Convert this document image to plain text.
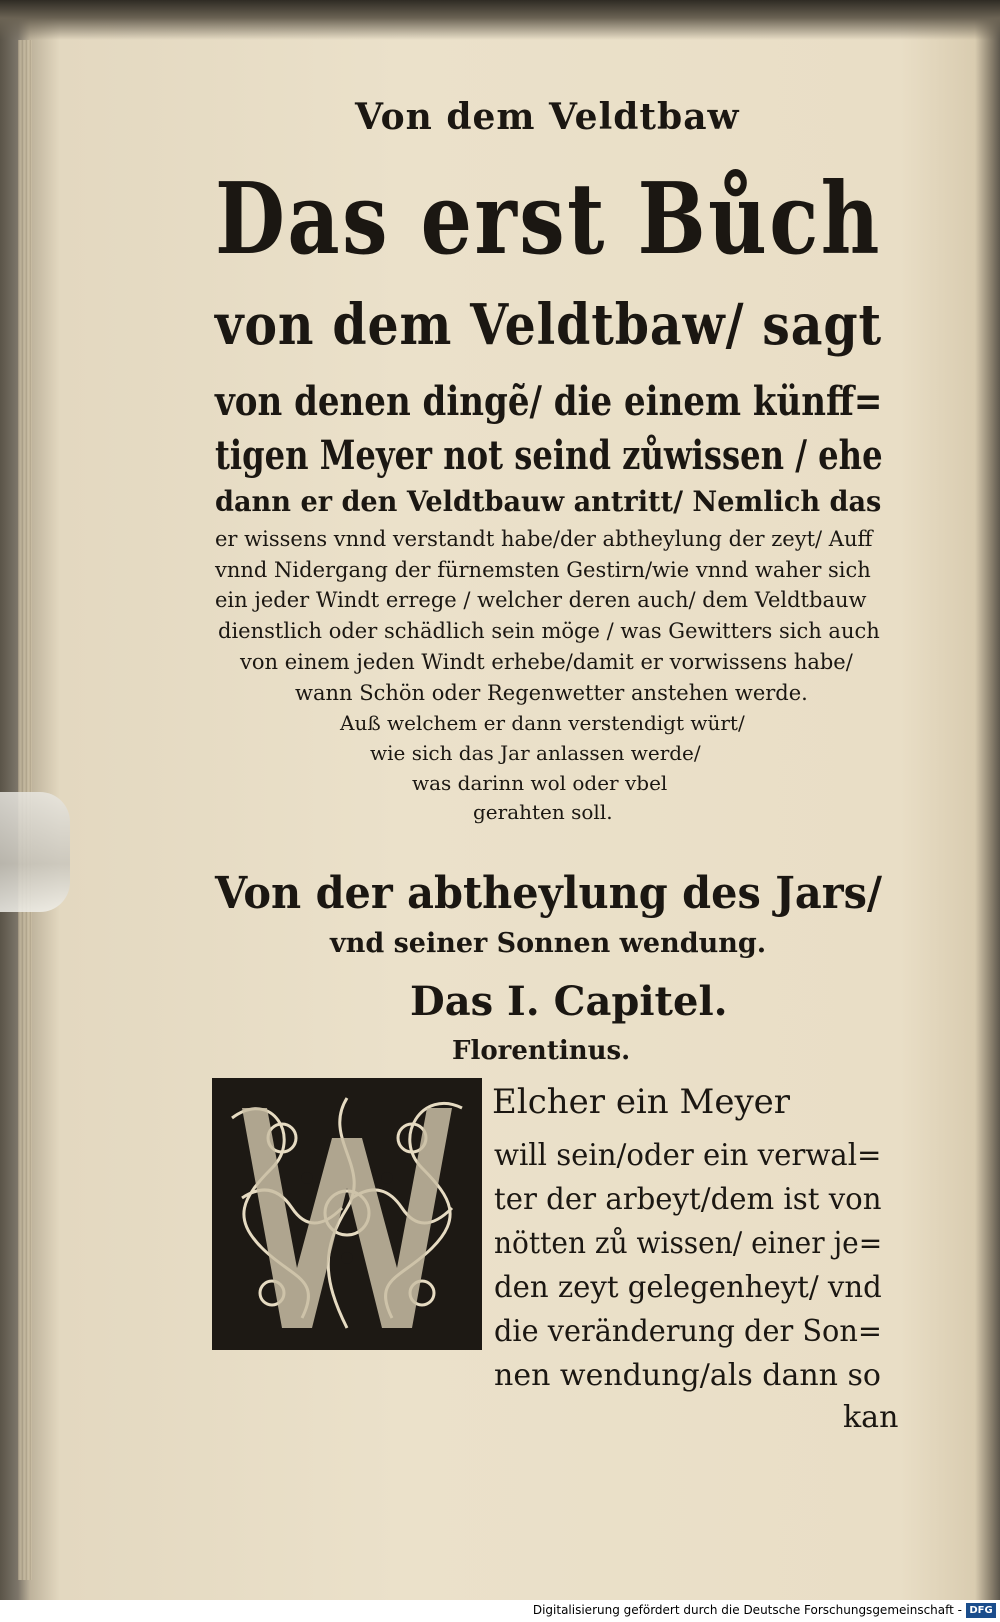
Von dem Veldtbaw
Das erst Bůch
von dem Veldtbaw/ sagt
von denen dingẽ/ die einem künff=
tigen Meyer not seind zůwissen / ehe
dann er den Veldtbauw antritt/ Nemlich das
er wissens vnnd verstandt habe/der abtheylung der zeyt/ Auff
vnnd Nidergang der fürnemsten Gestirn/wie vnnd waher sich
ein jeder Windt errege / welcher deren auch/ dem Veldtbauw
dienstlich oder schädlich sein möge / was Gewitters sich auch
von einem jeden Windt erhebe/damit er vorwissens habe/
wann Schön oder Regenwetter anstehen werde.
Auß welchem er dann verstendigt würt/
wie sich das Jar anlassen werde/
was darinn wol oder vbel
gerahten soll.
Von der abtheylung des Jars/
vnd seiner Sonnen wendung.
Das I. Capitel.
Florentinus.
Elcher ein Meyer
will sein/oder ein verwal=
ter der arbeyt/dem ist von
nötten zů wissen/ einer je=
den zeyt gelegenheyt/ vnd
die veränderung der Son=
nen wendung/als dann so
kan
Digitalisierung gefördert durch die Deutsche Forschungsgemeinschaft - DFG
